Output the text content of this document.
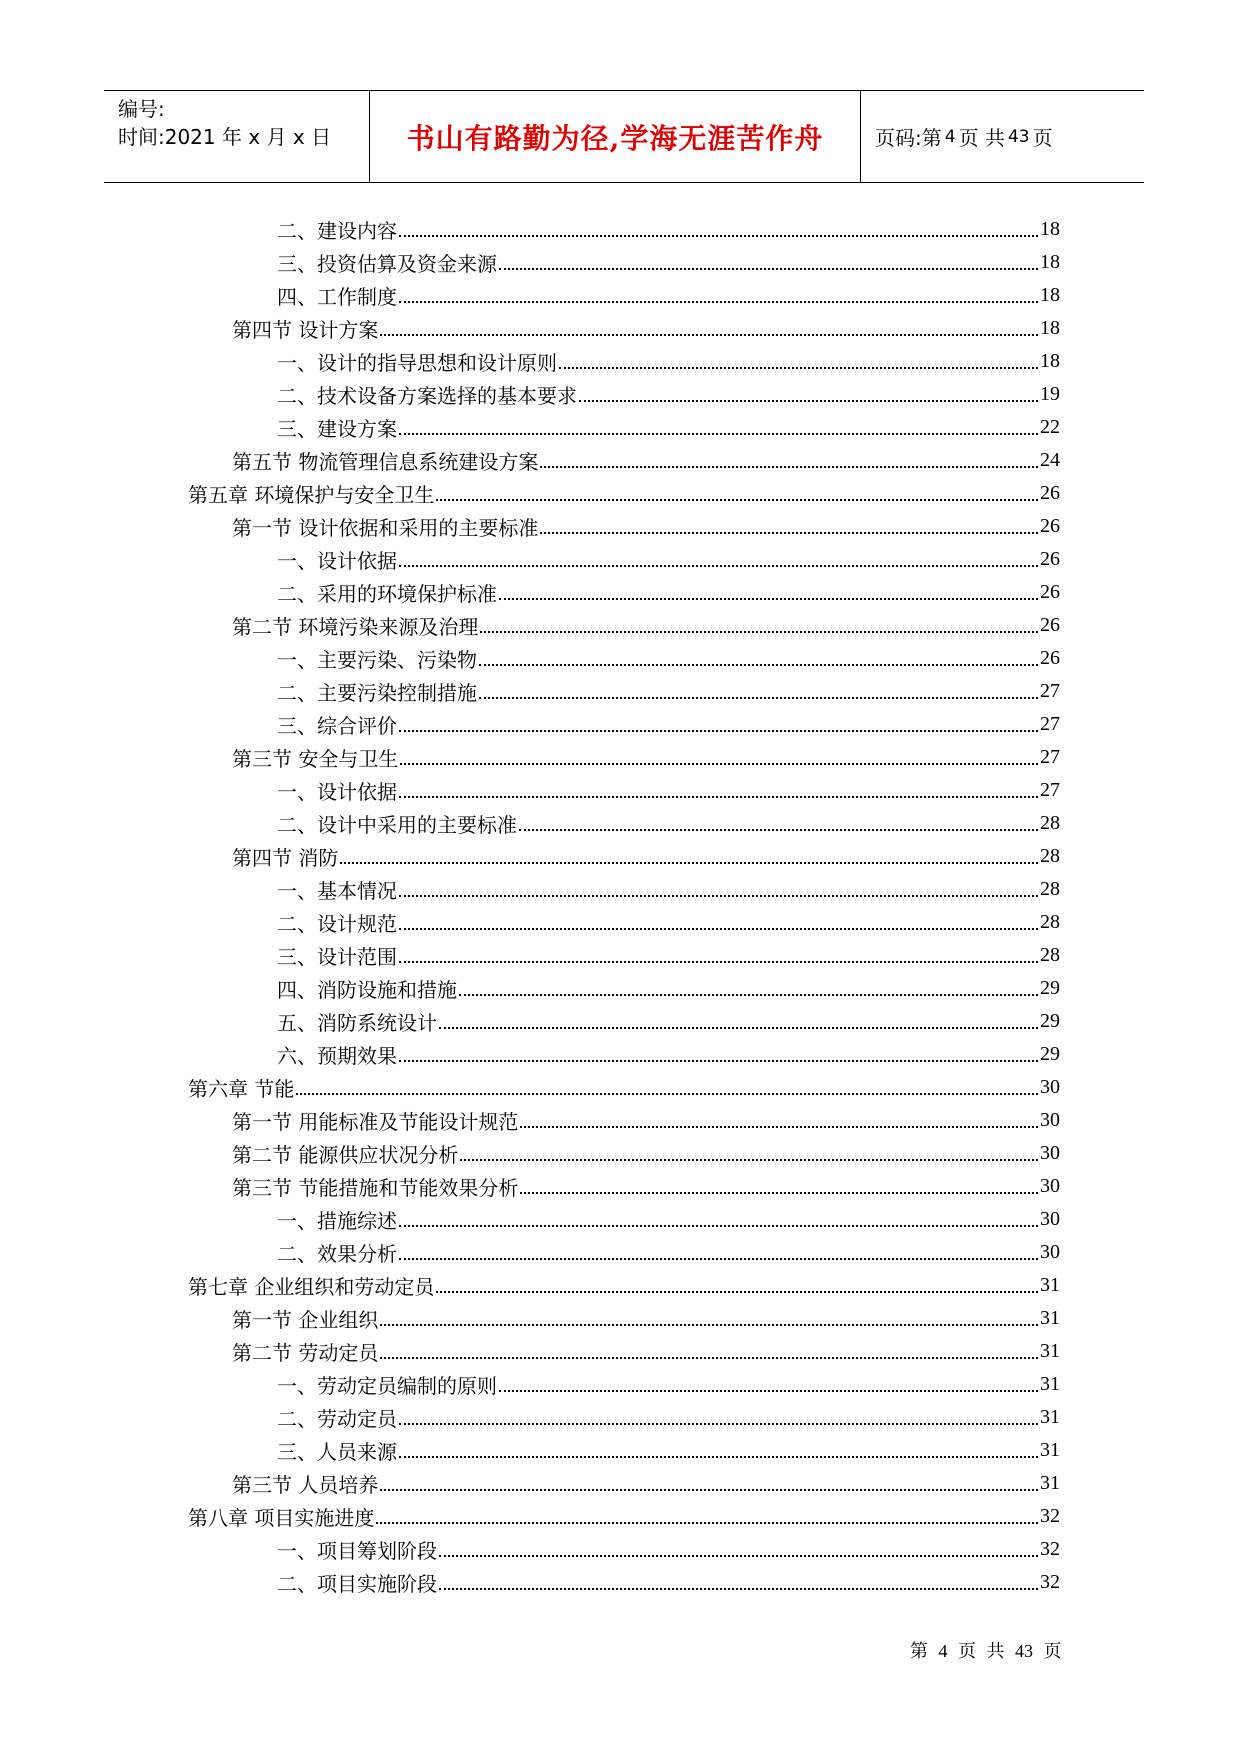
编号:
时间:2021 年 x 月 x 日	书山有路勤为径,学海无涯苦作舟	页码:第 4 页 共 43 页
二、建设内容	18
三、投资估算及资金来源	18
四、工作制度	18
第四节 设计方案	18
一、设计的指导思想和设计原则	18
二、技术设备方案选择的基本要求	19
三、建设方案	22
第五节 物流管理信息系统建设方案	24
第五章 环境保护与安全卫生	26
第一节 设计依据和采用的主要标准	26
一、设计依据	26
二、采用的环境保护标准	26
第二节 环境污染来源及治理	26
一、主要污染、污染物	26
二、主要污染控制措施	27
三、综合评价	27
第三节 安全与卫生	27
一、设计依据	27
二、设计中采用的主要标准	28
第四节 消防	28
一、基本情况	28
二、设计规范	28
三、设计范围	28
四、消防设施和措施	29
五、消防系统设计	29
六、预期效果	29
第六章 节能	30
第一节 用能标准及节能设计规范	30
第二节 能源供应状况分析	30
第三节 节能措施和节能效果分析	30
一、措施综述	30
二、效果分析	30
第七章 企业组织和劳动定员	31
第一节 企业组织	31
第二节 劳动定员	31
一、劳动定员编制的原则	31
二、劳动定员	31
三、人员来源	31
第三节 人员培养	31
第八章 项目实施进度	32
一、项目筹划阶段	32
二、项目实施阶段	32
第 4 页 共 43 页
